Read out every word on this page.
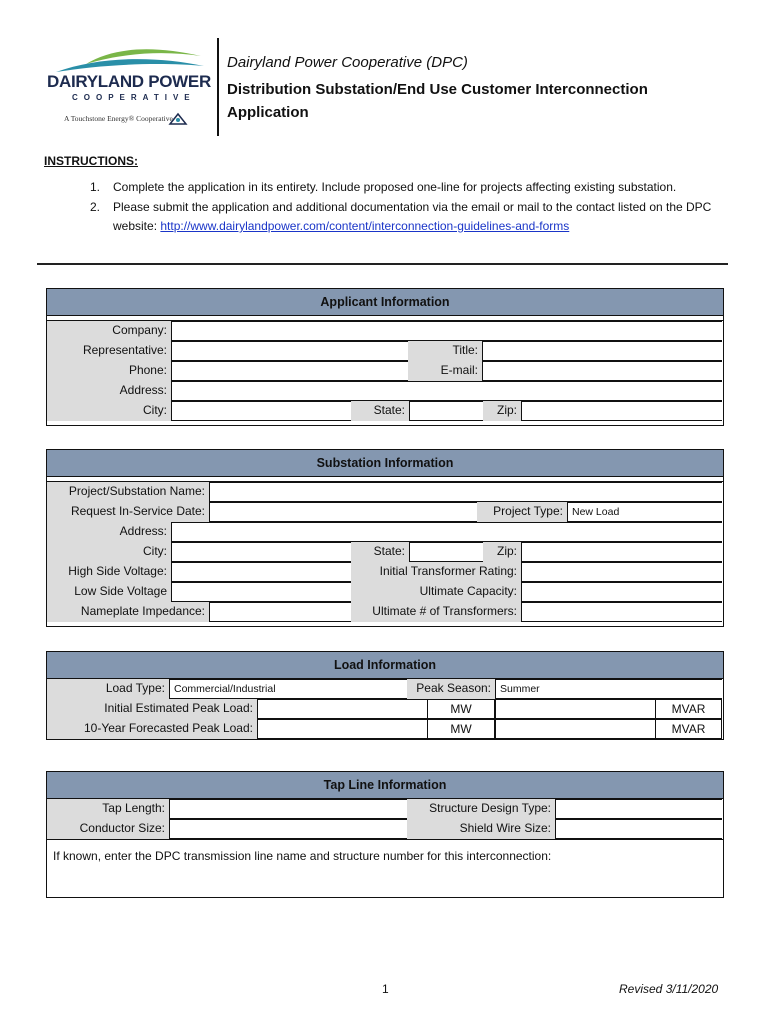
DAIRYLAND POWER
COOPERATIVE
A Touchstone Energy® Cooperative
Dairyland Power Cooperative (DPC)
Distribution Substation/End Use Customer Interconnection Application
INSTRUCTIONS:
1. Complete the application in its entirety. Include proposed one-line for projects affecting existing substation.
2. Please submit the application and additional documentation via the email or mail to the contact listed on the DPC website: http://www.dairylandpower.com/content/interconnection-guidelines-and-forms
Applicant Information
Company:
Representative:	Title:
Phone:	E-mail:
Address:
City:	State:	Zip:
Substation Information
Project/Substation Name:
Request In-Service Date:	Project Type: New Load
Address:
City:	State:	Zip:
High Side Voltage:	Initial Transformer Rating:
Low Side Voltage	Ultimate Capacity:
Nameplate Impedance:	Ultimate # of Transformers:
Load Information
Load Type: Commercial/Industrial	Peak Season: Summer
Initial Estimated Peak Load:	MW	MVAR
10-Year Forecasted Peak Load:	MW	MVAR
Tap Line Information
Tap Length:	Structure Design Type:
Conductor Size:	Shield Wire Size:
If known, enter the DPC transmission line name and structure number for this interconnection:
1	Revised 3/11/2020
